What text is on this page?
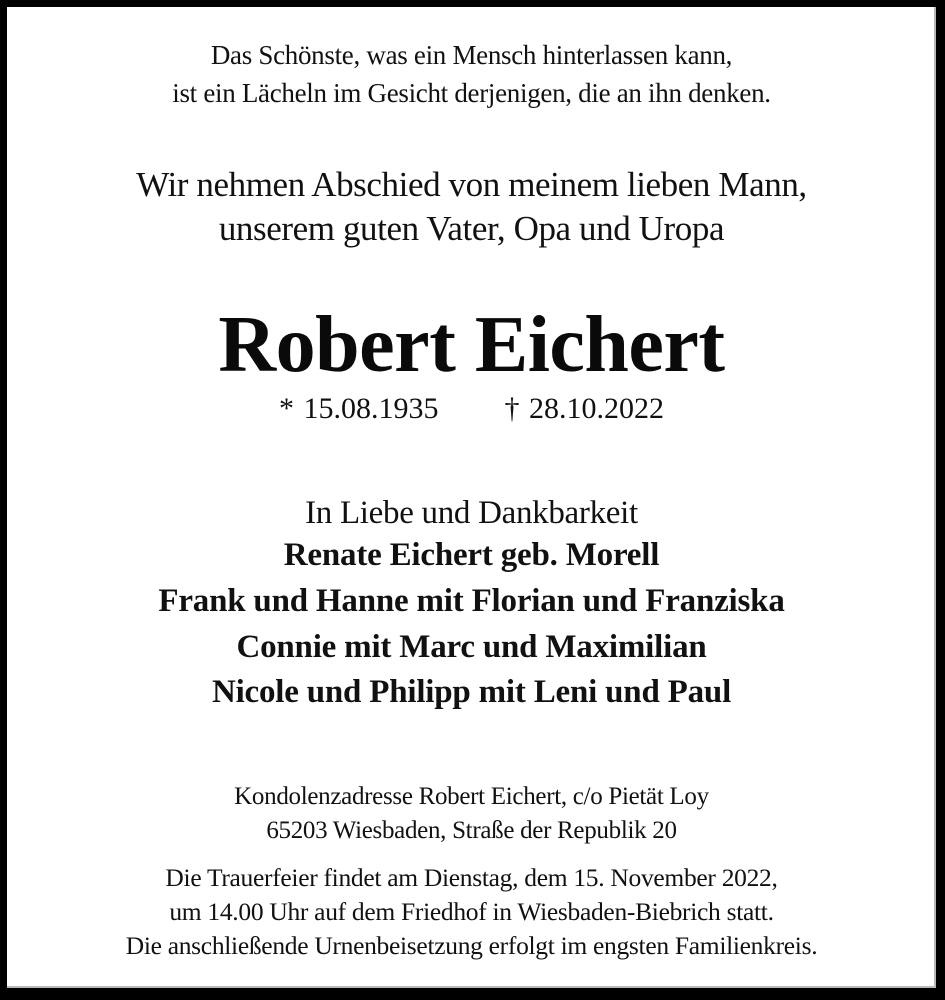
Das Schönste, was ein Mensch hinterlassen kann,
ist ein Lächeln im Gesicht derjenigen, die an ihn denken.
Wir nehmen Abschied von meinem lieben Mann,
unserem guten Vater, Opa und Uropa
Robert Eichert
* 15.08.1935 † 28.10.2022
In Liebe und Dankbarkeit
Renate Eichert geb. Morell
Frank und Hanne mit Florian und Franziska
Connie mit Marc und Maximilian
Nicole und Philipp mit Leni und Paul
Kondolenzadresse Robert Eichert, c/o Pietät Loy
65203 Wiesbaden, Straße der Republik 20
Die Trauerfeier findet am Dienstag, dem 15. November 2022,
um 14.00 Uhr auf dem Friedhof in Wiesbaden-Biebrich statt.
Die anschließende Urnenbeisetzung erfolgt im engsten Familienkreis.
